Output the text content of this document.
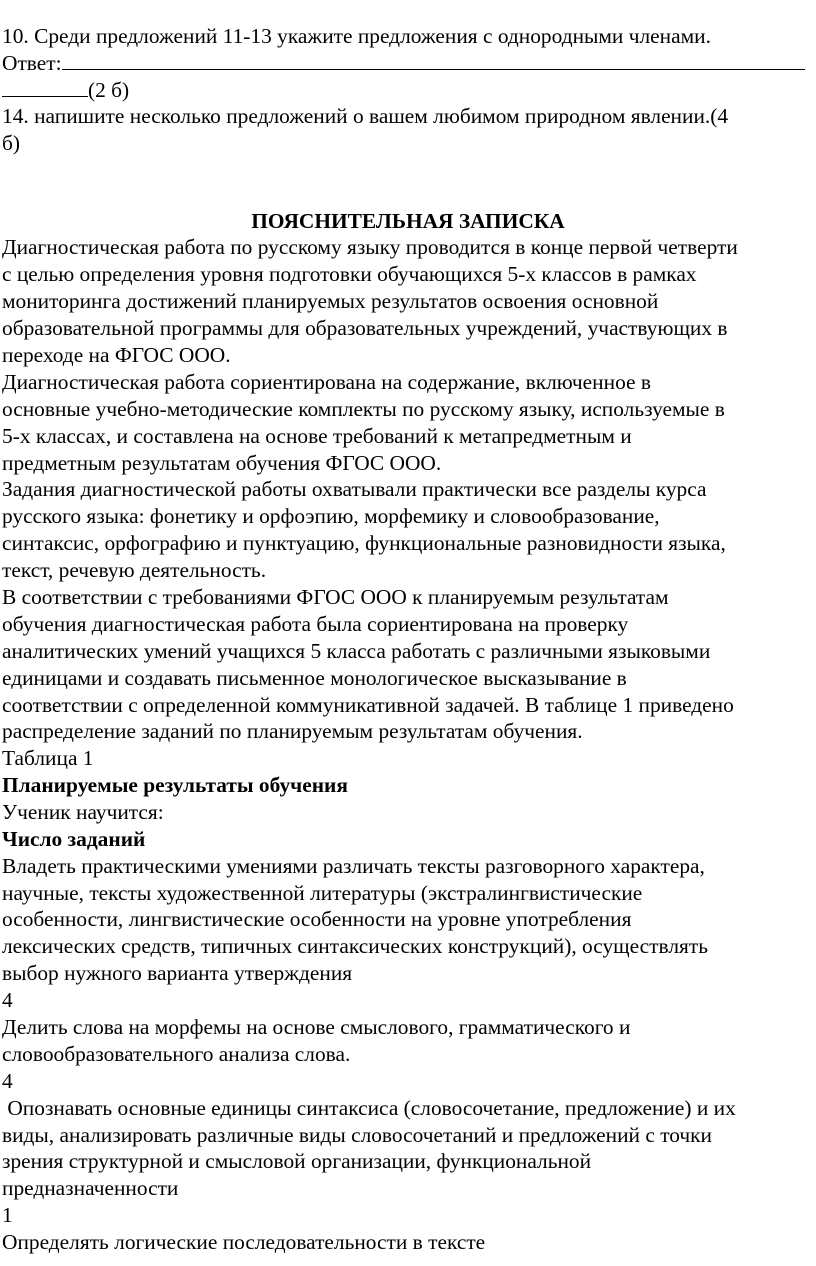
10. Среди предложений 11-13 укажите предложения с однородными членами.
Ответ:
(2 б)
14. напишите несколько предложений о вашем любимом природном явлении.(4
б)
ПОЯСНИТЕЛЬНАЯ ЗАПИСКА
Диагностическая работа по русскому языку проводится в конце первой четверти
с целью определения уровня подготовки обучающихся 5-х классов в рамках
мониторинга достижений планируемых результатов освоения основной
образовательной программы для образовательных учреждений, участвующих в
переходе на ФГОС ООО.
Диагностическая работа сориентирована на содержание, включенное в
основные учебно-методические комплекты по русскому языку, используемые в
5-х классах, и составлена на основе требований к метапредметным и
предметным результатам обучения ФГОС ООО.
Задания диагностической работы охватывали практически все разделы курса
русского языка: фонетику и орфоэпию, морфемику и словообразование,
синтаксис, орфографию и пунктуацию, функциональные разновидности языка,
текст, речевую деятельность.
В соответствии с требованиями ФГОС ООО к планируемым результатам
обучения диагностическая работа была сориентирована на проверку
аналитических умений учащихся 5 класса работать с различными языковыми
единицами и создавать письменное монологическое высказывание в
соответствии с определенной коммуникативной задачей. В таблице 1 приведено
распределение заданий по планируемым результатам обучения.
Таблица 1
Планируемые результаты обучения
Ученик научится:
Число заданий
Владеть практическими умениями различать тексты разговорного характера,
научные, тексты художественной литературы (экстралингвистические
особенности, лингвистические особенности на уровне употребления
лексических средств, типичных синтаксических конструкций), осуществлять
выбор нужного варианта утверждения
4
Делить слова на морфемы на основе смыслового, грамматического и
словообразовательного анализа слова.
4
Опознавать основные единицы синтаксиса (словосочетание, предложение) и их
виды, анализировать различные виды словосочетаний и предложений с точки
зрения структурной и смысловой организации, функциональной
предназначенности
1
Определять логические последовательности в тексте
